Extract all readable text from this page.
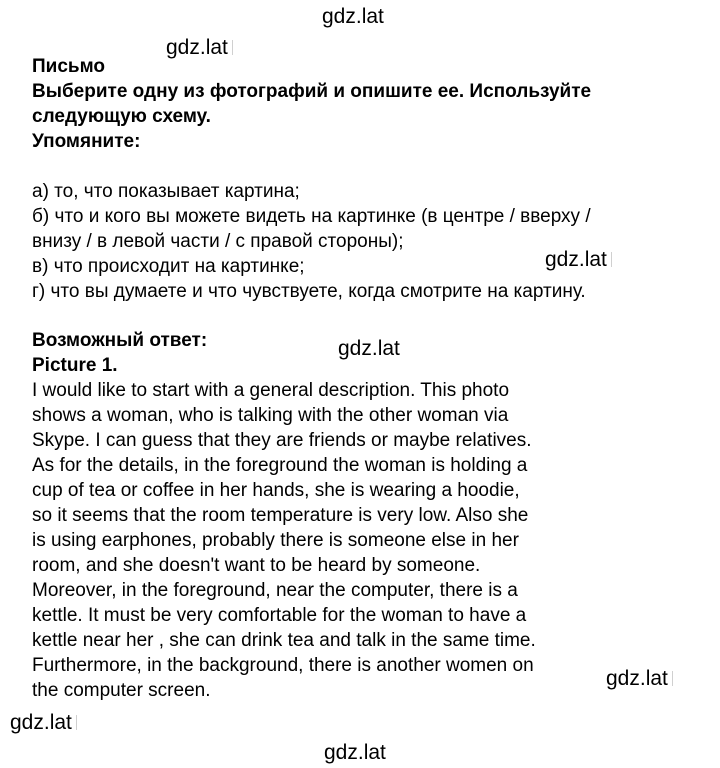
gdz.lat
gdz.lat
gdz.lat
gdz.lat
gdz.lat
gdz.lat
gdz.lat
Письмо
Выберите одну из фотографий и опишите ее. Используйте
следующую схему.
Упомяните:
а) то, что показывает картина;
б) что и кого вы можете видеть на картинке (в центре / вверху /
внизу / в левой части / с правой стороны);
в) что происходит на картинке;
г) что вы думаете и что чувствуете, когда смотрите на картину.
Возможный ответ:
Picture 1.
I would like to start with a general description. This photo
shows a woman, who is talking with the other woman via
Skype. I can guess that they are friends or maybe relatives.
As for the details, in the foreground the woman is holding a
cup of tea or coffee in her hands, she is wearing a hoodie,
so it seems that the room temperature is very low. Also she
is using earphones, probably there is someone else in her
room, and she doesn't want to be heard by someone.
Moreover, in the foreground, near the computer, there is a
kettle. It must be very comfortable for the woman to have a
kettle near her , she can drink tea and talk in the same time.
Furthermore, in the background, there is another women on
the computer screen.
